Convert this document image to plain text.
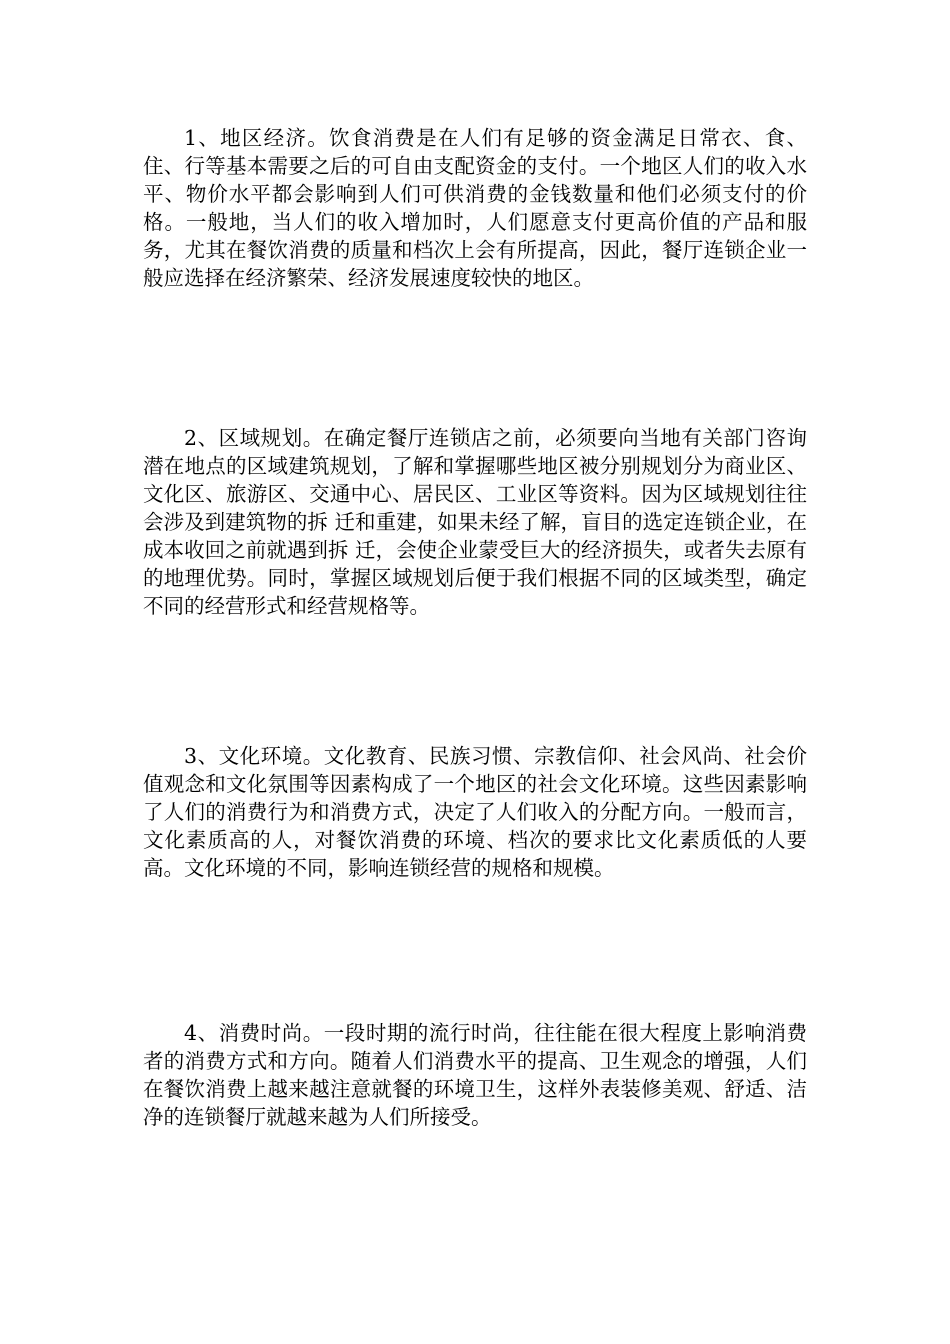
1、地区经济。饮食消费是在人们有足够的资金满足日常衣、食、住、行等基本需要之后的可自由支配资金的支付。一个地区人们的收入水平、物价水平都会影响到人们可供消费的金钱数量和他们必须支付的价格。一般地，当人们的收入增加时，人们愿意支付更高价值的产品和服务，尤其在餐饮消费的质量和档次上会有所提高，因此，餐厅连锁企业一般应选择在经济繁荣、经济发展速度较快的地区。

2、区域规划。在确定餐厅连锁店之前，必须要向当地有关部门咨询潜在地点的区域建筑规划，了解和掌握哪些地区被分别规划分为商业区、文化区、旅游区、交通中心、居民区、工业区等资料。因为区域规划往往会涉及到建筑物的拆 迁和重建，如果未经了解，盲目的选定连锁企业，在成本收回之前就遇到拆 迁，会使企业蒙受巨大的经济损失，或者失去原有的地理优势。同时，掌握区域规划后便于我们根据不同的区域类型，确定不同的经营形式和经营规格等。

3、文化环境。文化教育、民族习惯、宗教信仰、社会风尚、社会价值观念和文化氛围等因素构成了一个地区的社会文化环境。这些因素影响了人们的消费行为和消费方式，决定了人们收入的分配方向。一般而言，文化素质高的人，对餐饮消费的环境、档次的要求比文化素质低的人要高。文化环境的不同，影响连锁经营的规格和规模。

4、消费时尚。一段时期的流行时尚，往往能在很大程度上影响消费者的消费方式和方向。随着人们消费水平的提高、卫生观念的增强，人们在餐饮消费上越来越注意就餐的环境卫生，这样外表装修美观、舒适、洁净的连锁餐厅就越来越为人们所接受。
